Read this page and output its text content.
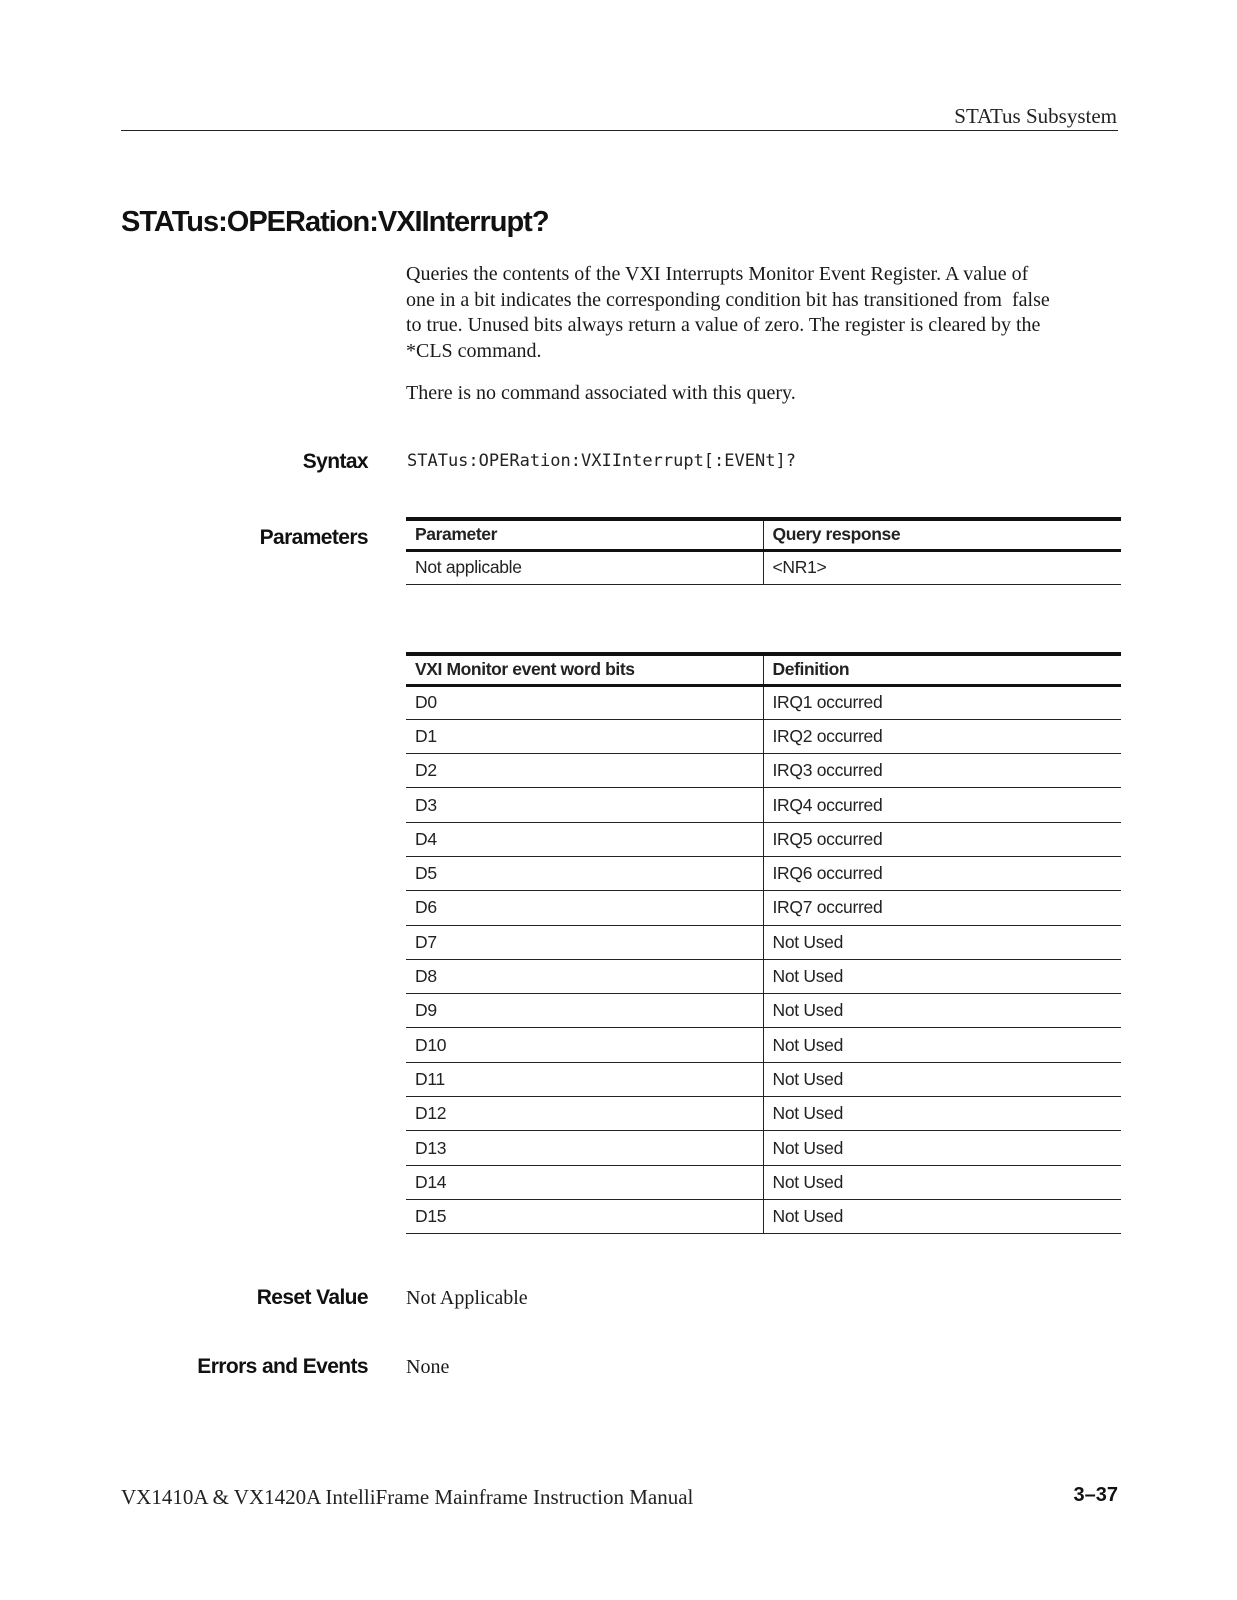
STATus Subsystem
STATus:OPERation:VXIInterrupt?
Queries the contents of the VXI Interrupts Monitor Event Register. A value of
one in a bit indicates the corresponding condition bit has transitioned from  false
to true. Unused bits always return a value of zero. The register is cleared by the
*CLS command.

There is no command associated with this query.

Syntax STATus:OPERation:VXIInterrupt[:EVENt]?
Parameters	Parameter	Query response
Not applicable	<NR1>
VXI Monitor event word bits	Definition
D0	IRQ1 occurred
D1	IRQ2 occurred
D2	IRQ3 occurred
D3	IRQ4 occurred
D4	IRQ5 occurred
D5	IRQ6 occurred
D6	IRQ7 occurred
D7	Not Used
D8	Not Used
D9	Not Used
D10	Not Used
D11	Not Used
D12	Not Used
D13	Not Used
D14	Not Used
D15	Not Used
Reset Value Not Applicable
Errors and Events None
VX1410A & VX1420A IntelliFrame Mainframe Instruction Manual	3–37
